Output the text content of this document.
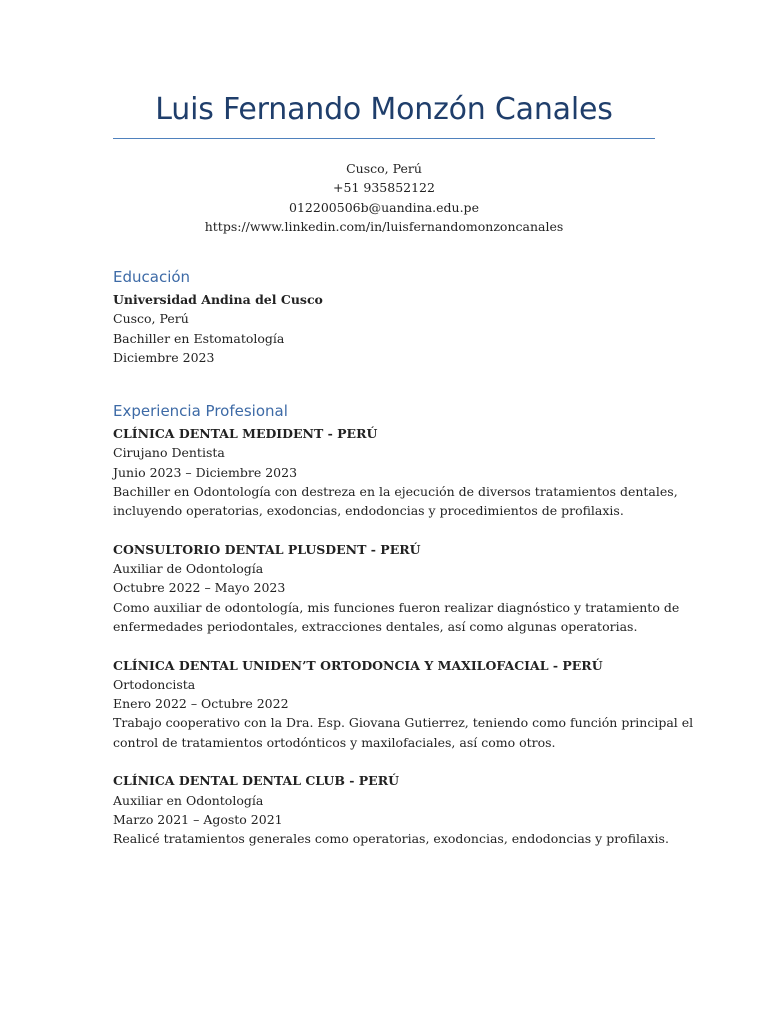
Luis Fernando Monzón Canales
Cusco, Perú
+51 935852122
012200506b@uandina.edu.pe
https://www.linkedin.com/in/luisfernandomonzoncanales
Educación
Universidad Andina del Cusco
Cusco, Perú
Bachiller en Estomatología
Diciembre 2023
Experiencia Profesional
CLÍNICA DENTAL MEDIDENT - PERÚ
Cirujano Dentista
Junio 2023 – Diciembre 2023
Bachiller en Odontología con destreza en la ejecución de diversos tratamientos dentales,
incluyendo operatorias, exodoncias, endodoncias y procedimientos de profilaxis.
CONSULTORIO DENTAL PLUSDENT - PERÚ
Auxiliar de Odontología
Octubre 2022 – Mayo 2023
Como auxiliar de odontología, mis funciones fueron realizar diagnóstico y tratamiento de
enfermedades periodontales, extracciones dentales, así como algunas operatorias.
CLÍNICA DENTAL UNIDEN’T ORTODONCIA Y MAXILOFACIAL - PERÚ
Ortodoncista
Enero 2022 – Octubre 2022
Trabajo cooperativo con la Dra. Esp. Giovana Gutierrez, teniendo como función principal el
control de tratamientos ortodónticos y maxilofaciales, así como otros.
CLÍNICA DENTAL DENTAL CLUB - PERÚ
Auxiliar en Odontología
Marzo 2021 – Agosto 2021
Realicé tratamientos generales como operatorias, exodoncias, endodoncias y profilaxis.
